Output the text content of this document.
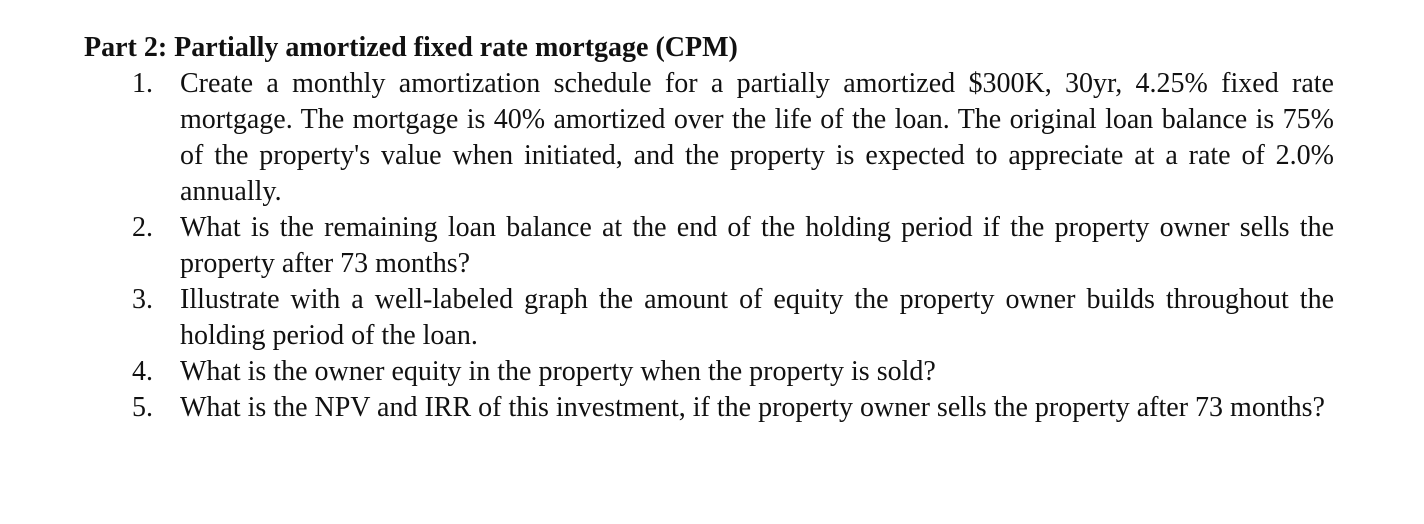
Part 2: Partially amortized fixed rate mortgage (CPM)
1. Create a monthly amortization schedule for a partially amortized $300K, 30yr, 4.25% fixed rate mortgage. The mortgage is 40% amortized over the life of the loan. The original loan balance is 75% of the property's value when initiated, and the property is expected to appreciate at a rate of 2.0% annually.
2. What is the remaining loan balance at the end of the holding period if the property owner sells the property after 73 months?
3. Illustrate with a well-labeled graph the amount of equity the property owner builds throughout the holding period of the loan.
4. What is the owner equity in the property when the property is sold?
5. What is the NPV and IRR of this investment, if the property owner sells the property after 73 months?
